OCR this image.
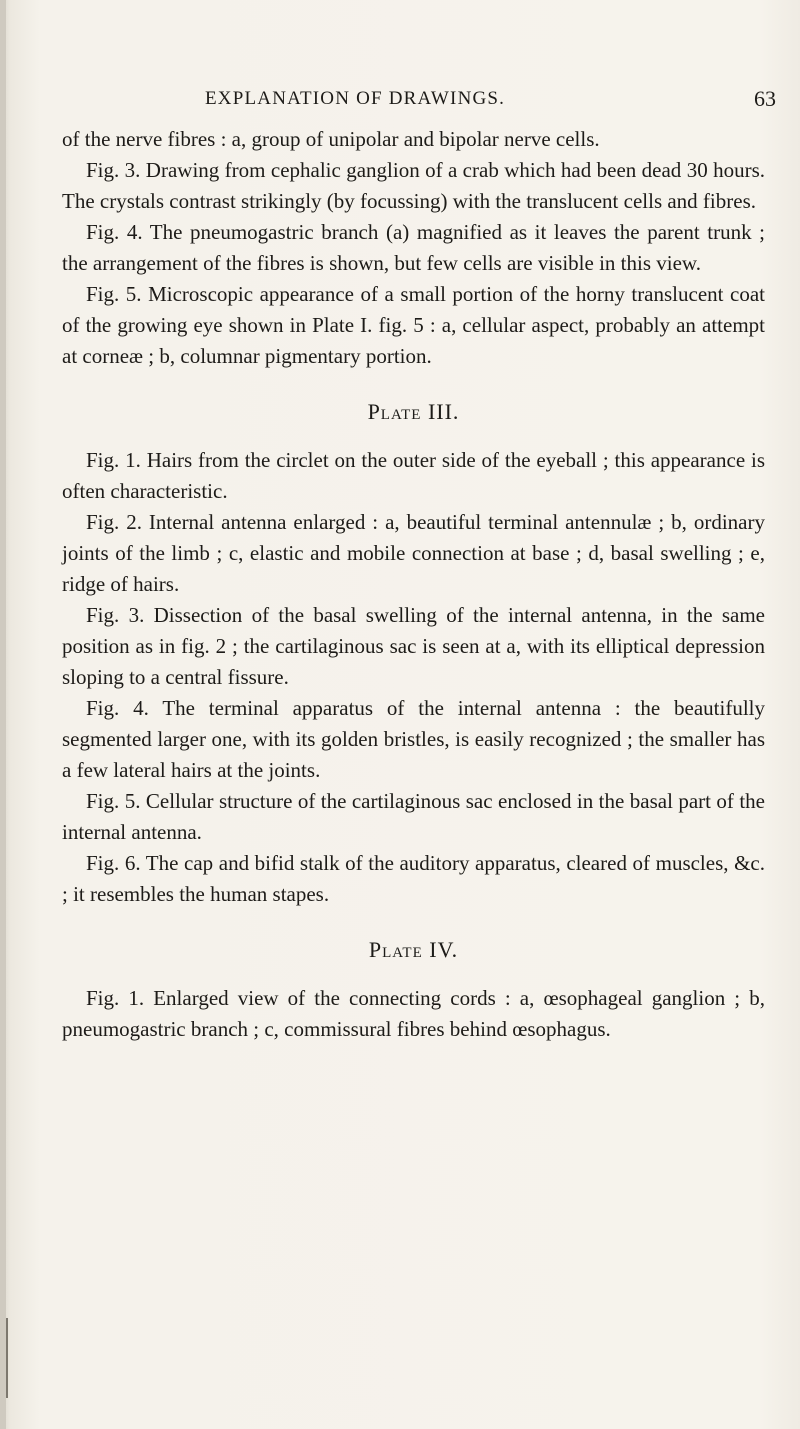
EXPLANATION OF DRAWINGS.	63

of the nerve fibres : a, group of unipolar and bipolar nerve cells.

Fig. 3. Drawing from cephalic ganglion of a crab which had been dead 30 hours. The crystals contrast strikingly (by focussing) with the translucent cells and fibres.

Fig. 4. The pneumogastric branch (a) magnified as it leaves the parent trunk ; the arrangement of the fibres is shown, but few cells are visible in this view.

Fig. 5. Microscopic appearance of a small portion of the horny translucent coat of the growing eye shown in Plate I. fig. 5 : a, cellular aspect, probably an attempt at corneæ ; b, columnar pigmentary portion.

Plate III.

Fig. 1. Hairs from the circlet on the outer side of the eyeball ; this appearance is often characteristic.

Fig. 2. Internal antenna enlarged : a, beautiful terminal antennulæ ; b, ordinary joints of the limb ; c, elastic and mobile connection at base ; d, basal swelling ; e, ridge of hairs.

Fig. 3. Dissection of the basal swelling of the internal antenna, in the same position as in fig. 2 ; the cartilaginous sac is seen at a, with its elliptical depression sloping to a central fissure.

Fig. 4. The terminal apparatus of the internal antenna : the beautifully segmented larger one, with its golden bristles, is easily recognized ; the smaller has a few lateral hairs at the joints.

Fig. 5. Cellular structure of the cartilaginous sac enclosed in the basal part of the internal antenna.

Fig. 6. The cap and bifid stalk of the auditory apparatus, cleared of muscles, &c. ; it resembles the human stapes.

Plate IV.

Fig. 1. Enlarged view of the connecting cords : a, œsophageal ganglion ; b, pneumogastric branch ; c, commissural fibres behind œsophagus.
